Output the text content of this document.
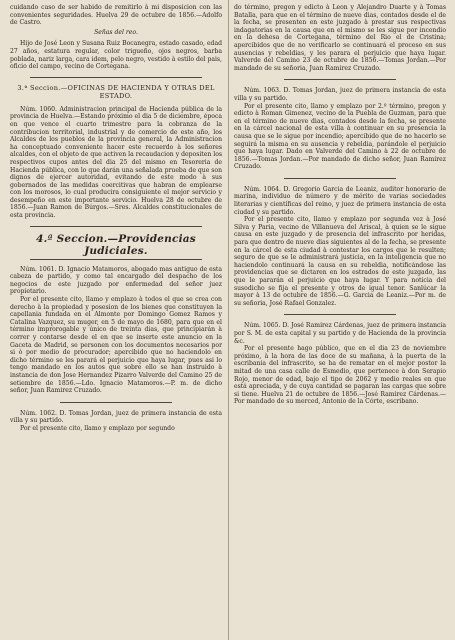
cuidando caso de ser habido de remitirlo à mi disposicion con las convenientes seguridades. Huelva 29 de octubre de 1856.—Adolfo de Castro.

Señas del reo.

Hijo de José Leon y Susana Ruiz Bocanegra, estado casado, edad 27 años, estatura regular, color trigueño, ojos negros, barba poblada, nariz larga, cara idem, pelo negro, vestido à estilo del pais, oficio del campo, vecino de Cortegana.

3.ª Seccion.—OFICINAS DE HACIENDA Y OTRAS DEL ESTADO.

Núm. 1060. Administracion principal de Hacienda pública de la provincia de Huelva.—Estando próximo el dia 5 de diciembre, época en que vence el cuarto trimestre para la cobranza de la contribucion territorial, industrial y de comercio de este año, los Alcaldes de los pueblos de la provincia general, la Administracion ha conceptuado conveniente hacer este recuerdo à los señores alcaldes, con el objeto de que activen la recaudacion y depositen los respectivos cupos antes del dia 25 del mismo en Tesoreria de Hacienda pública, con lo que darán una señalada prueba de que son dignos de ejercer autoridad, evitando de este modo à sus gobernados de las medidas coercitivas que habran de emplearse con los morosos, lo cual producira consiguiente el mejor servicio y desempeño en este importante servicio. Huelva 28 de octubre de 1856.—Juan Ramon de Búrgos.—Sres. Alcaldes constitucionales de esta provincia.

4.ª Seccion.—Providencias Judiciales.

Núm. 1061. D. Ignacio Matamoros, abogado mas antiguo de esta cabeza de partido, y como tal encargado del despacho de los negocios de este juzgado por enfermedad del señor juez propietario.

Por el presente cito, llamo y emplazo à todos el que se crea con derecho à la propiedad y posesion de los bienes que constituyen la capellania fundada en el Almonte por Domingo Gomez Ramos y Catalina Vazquez, su muger, en 5 de mayo de 1680, para que en el término improrogable y único de treinta dias, que principiarán à correr y contarse desde el en que se inserte este anuncio en la Gaceta de Madrid, se personen con los documentos necesarios por si ò por medio de procurador; apercibido que no haciendolo en dicho término se les parará el perjuicio que haya lugar, pues asi lo tengo mandado en los autos que sobre ello se han instruido à instancia de don Jose Hernandez Pizarro Valverde del Camino 25 de setiembre de 1856.—Ldo. Ignacio Matamoros.—P. m. de dicho señor, Juan Ramirez Cruzado.

Núm. 1062. D. Tomas Jordan, juez de primera instancia de esta villa y su partido.

Por el presente cito, llamo y emplazo por segundo

do término, pregon y edicto à Leon y Alejandro Duarte y à Tomas Batalla, para que en el término de nueve dias, contados desde el de la fecha, se presenten en este juzgado à prestar sus respectivas indagatorias en la causa que en el mismo se les sigue por incendio en la dehesa de Cortegana, término del Rio el de Cristina; apercibidos que de no verificarlo se continuará el proceso en sus ausencias y rebeldias, y les parara el perjuicio que haya lugar. Valverde del Camino 23 de octubre de 1856.—Tomas Jordan.—Por mandado de su señoria, Juan Ramirez Cruzado.

Núm. 1063. D. Tomas Jordan, juez de primera instancia de esta villa y su partido.

Por el presente cito, llamo y emplazo por 2.º término, pregon y edicto à Roman Gimenez, vecino de la Puebla de Guzman, para que en el término de nueve dias, contados desde la fecha, se presente en la cárcel nacional de esta villa à continuar en su presencia la causa que se le sigue por incendio; apercibido que de no hacerlo se seguirá la misma en su ausencia y rebeldia, parándole el perjuicio que haya lugar. Dado en Valverde del Camino à 22 de octubre de 1856.—Tomas Jordan.—Por mandado de dicho señor, Juan Ramirez Cruzado.

Núm. 1064. D. Gregorio Garcia de Leaniz, auditor honorario de marina, individuo de número y de mérito de varias sociedades literarias y científicas del reino, y juez de primera instancia de esta ciudad y su partido.

Por el presente cito, llamo y emplazo por segunda vez à José Silva y Paria, vecino de Villanueva del Ariscal, à quien se le sigue causa en este juzgado y de presencia del infrascrito por heridas, para que dentro de nueve dias siguientes al de la fecha, se presente en la cárcel de esta ciudad à contestar los cargos que le resulten; seguro de que se le administrará justicia, en la inteligencia que no haciendolo continuará la causa en su rebeldia, notificándose las providencias que se dictaren en los estrados de este juzgado, las que le pararán el perjuicio que haya lugar. Y para noticia del susodicho se fija el presente y otros de igual tenor. Sanlúcar la mayor à 13 de octubre de 1856.—G. Garcia de Leaniz.—Por m. de su señoria, José Rafael Gonzalez.

Núm. 1065. D. José Ramirez Cárdenas, juez de primera instancia por S. M. de esta capital y su partido y de Hacienda de la provincia &c.

Por el presente hago público, que en el dia 23 de noviembre próximo, à la hora de las doce de su mañana, à la puerta de la escribania del infrascrito, se ha de rematar en el mejor postor la mitad de una casa calle de Esmedio, que pertenece à don Serapio Rojo, menor de edad, bajo el tipo de 2062 y medio reales en que está apreciada, y de cuya cantidad se pagaran las cargas que sobre si tiene. Huelva 21 de octubre de 1856.—José Ramirez Cárdenas.—Por mandado de su merced, Antonio de la Córte, escribano.
